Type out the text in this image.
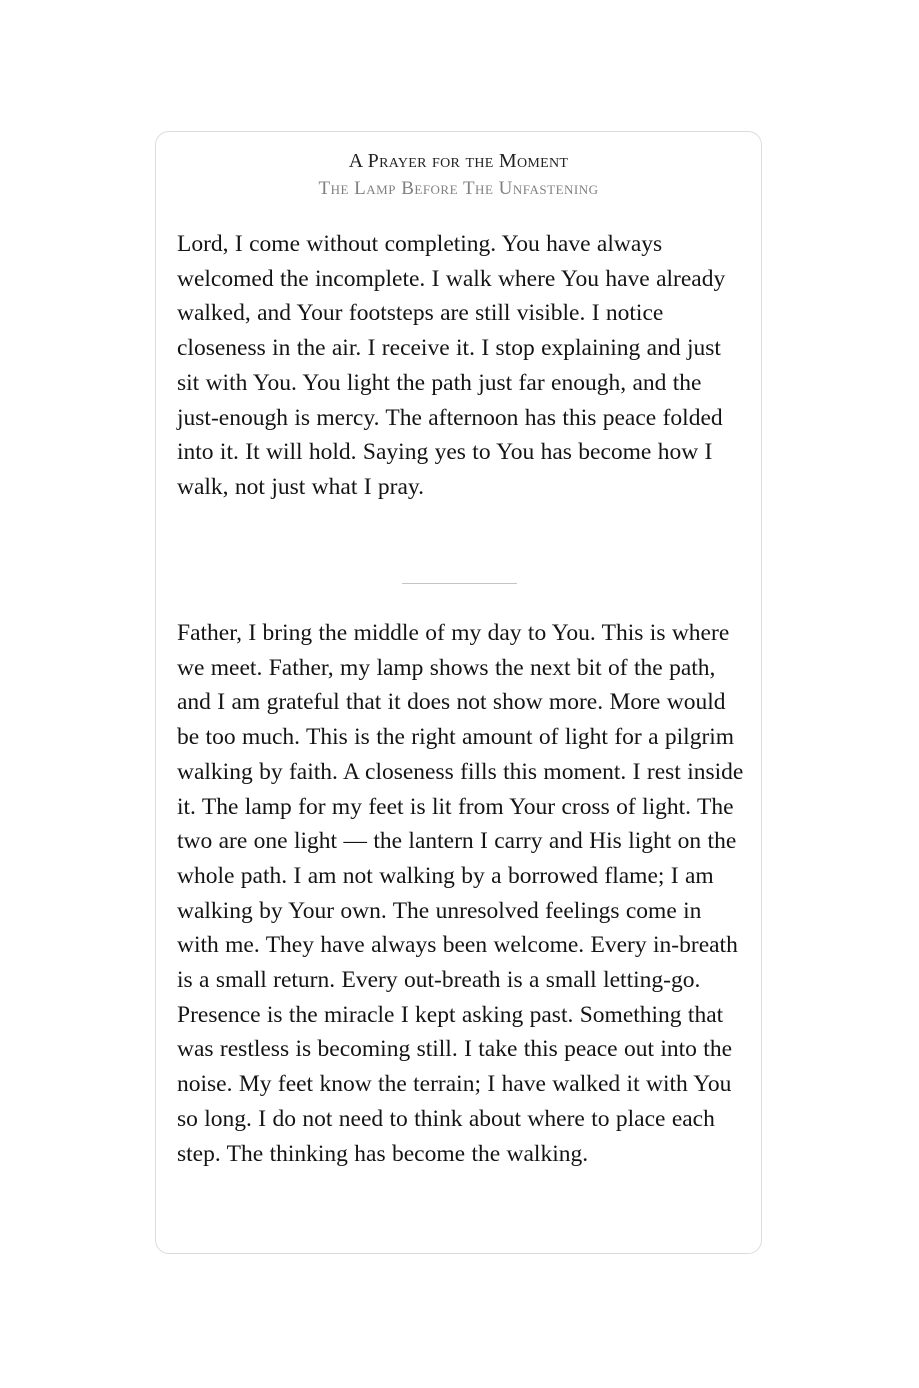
A Prayer for the Moment
The Lamp Before The Unfastening

Lord, I come without completing. You have always welcomed the incomplete. I walk where You have already walked, and Your footsteps are still visible. I notice closeness in the air. I receive it. I stop explaining and just sit with You. You light the path just far enough, and the just-enough is mercy. The afternoon has this peace folded into it. It will hold. Saying yes to You has become how I walk, not just what I pray.

Father, I bring the middle of my day to You. This is where we meet. Father, my lamp shows the next bit of the path, and I am grateful that it does not show more. More would be too much. This is the right amount of light for a pilgrim walking by faith. A closeness fills this moment. I rest inside it. The lamp for my feet is lit from Your cross of light. The two are one light — the lantern I carry and His light on the whole path. I am not walking by a borrowed flame; I am walking by Your own. The unresolved feelings come in with me. They have always been welcome. Every in-breath is a small return. Every out-breath is a small letting-go. Presence is the miracle I kept asking past. Something that was restless is becoming still. I take this peace out into the noise. My feet know the terrain; I have walked it with You so long. I do not need to think about where to place each step. The thinking has become the walking.
